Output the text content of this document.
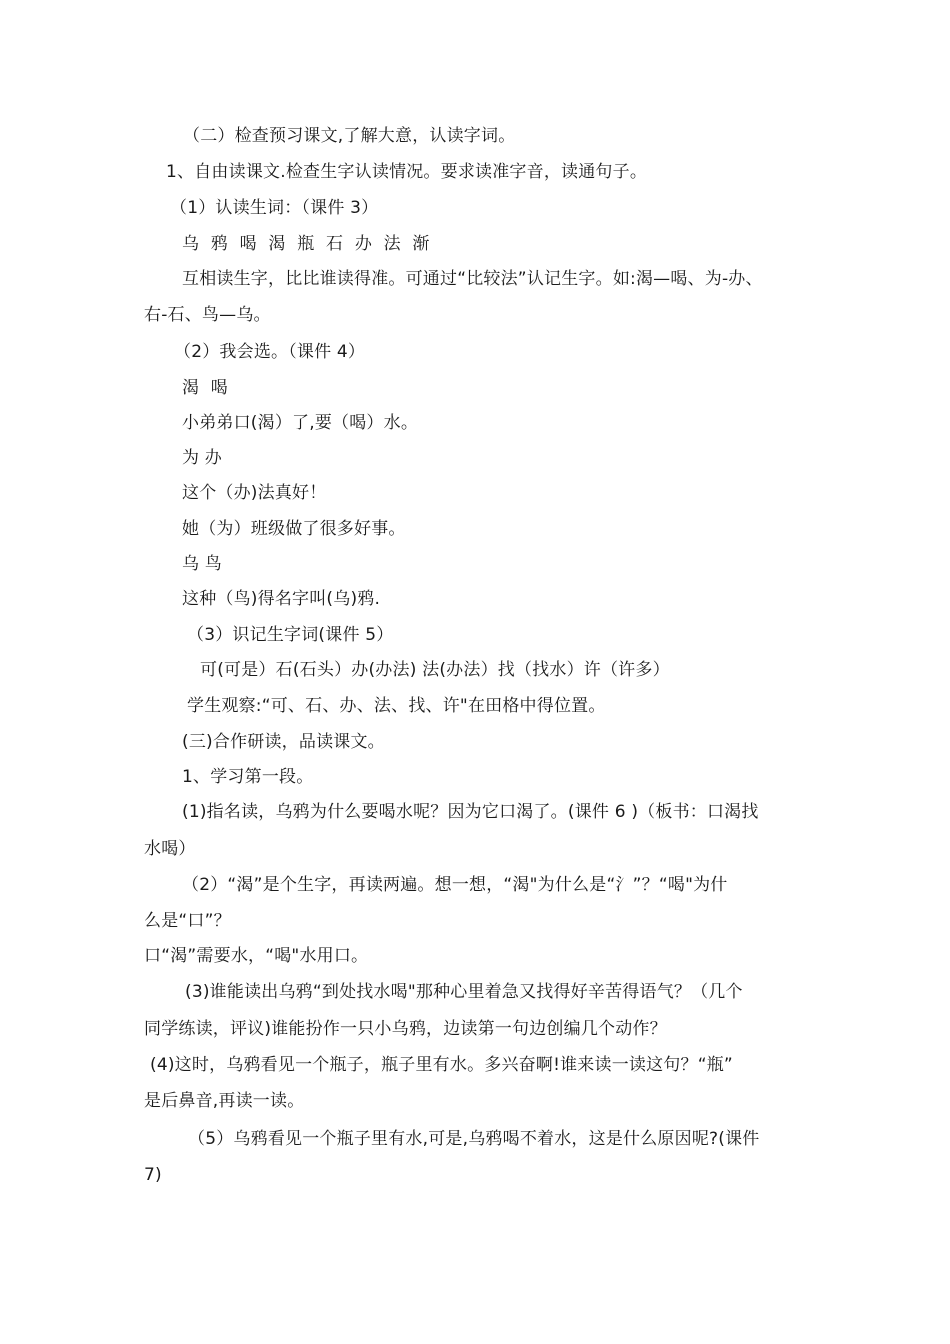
（二）检查预习课文,了解大意，认读字词。
1、自由读课文.检查生字认读情况。要求读准字音，读通句子。
（1）认读生词：（课件 3）
乌 鸦 喝 渴 瓶 石 办 法 渐
互相读生字，比比谁读得准。可通过“比较法”认记生字。如:渴—喝、为-办、
右-石、鸟—乌。
（2）我会选。（课件 4）
渴 喝
小弟弟口(渴）了,要（喝）水。
为 办
这个（办)法真好！
她（为）班级做了很多好事。
乌 鸟
这种（鸟)得名字叫(乌)鸦.
（3）识记生字词(课件 5）
可(可是）石(石头）办(办法) 法(办法）找（找水）许（许多）
学生观察:“可、石、办、法、找、许"在田格中得位置。
(三)合作研读，品读课文。
1、学习第一段。
(1)指名读，乌鸦为什么要喝水呢？因为它口渴了。(课件 6 )（板书：口渴找
水喝）
（2）“渴”是个生字，再读两遍。想一想，“渴"为什么是“氵”？“喝"为什
么是“口”？
口“渴”需要水，“喝"水用口。
(3)谁能读出乌鸦“到处找水喝"那种心里着急又找得好辛苦得语气？（几个
同学练读，评议)谁能扮作一只小乌鸦，边读第一句边创编几个动作？
(4)这时，乌鸦看见一个瓶子，瓶子里有水。多兴奋啊!谁来读一读这句？“瓶”
是后鼻音,再读一读。
（5）乌鸦看见一个瓶子里有水,可是,乌鸦喝不着水，这是什么原因呢?(课件
7)
